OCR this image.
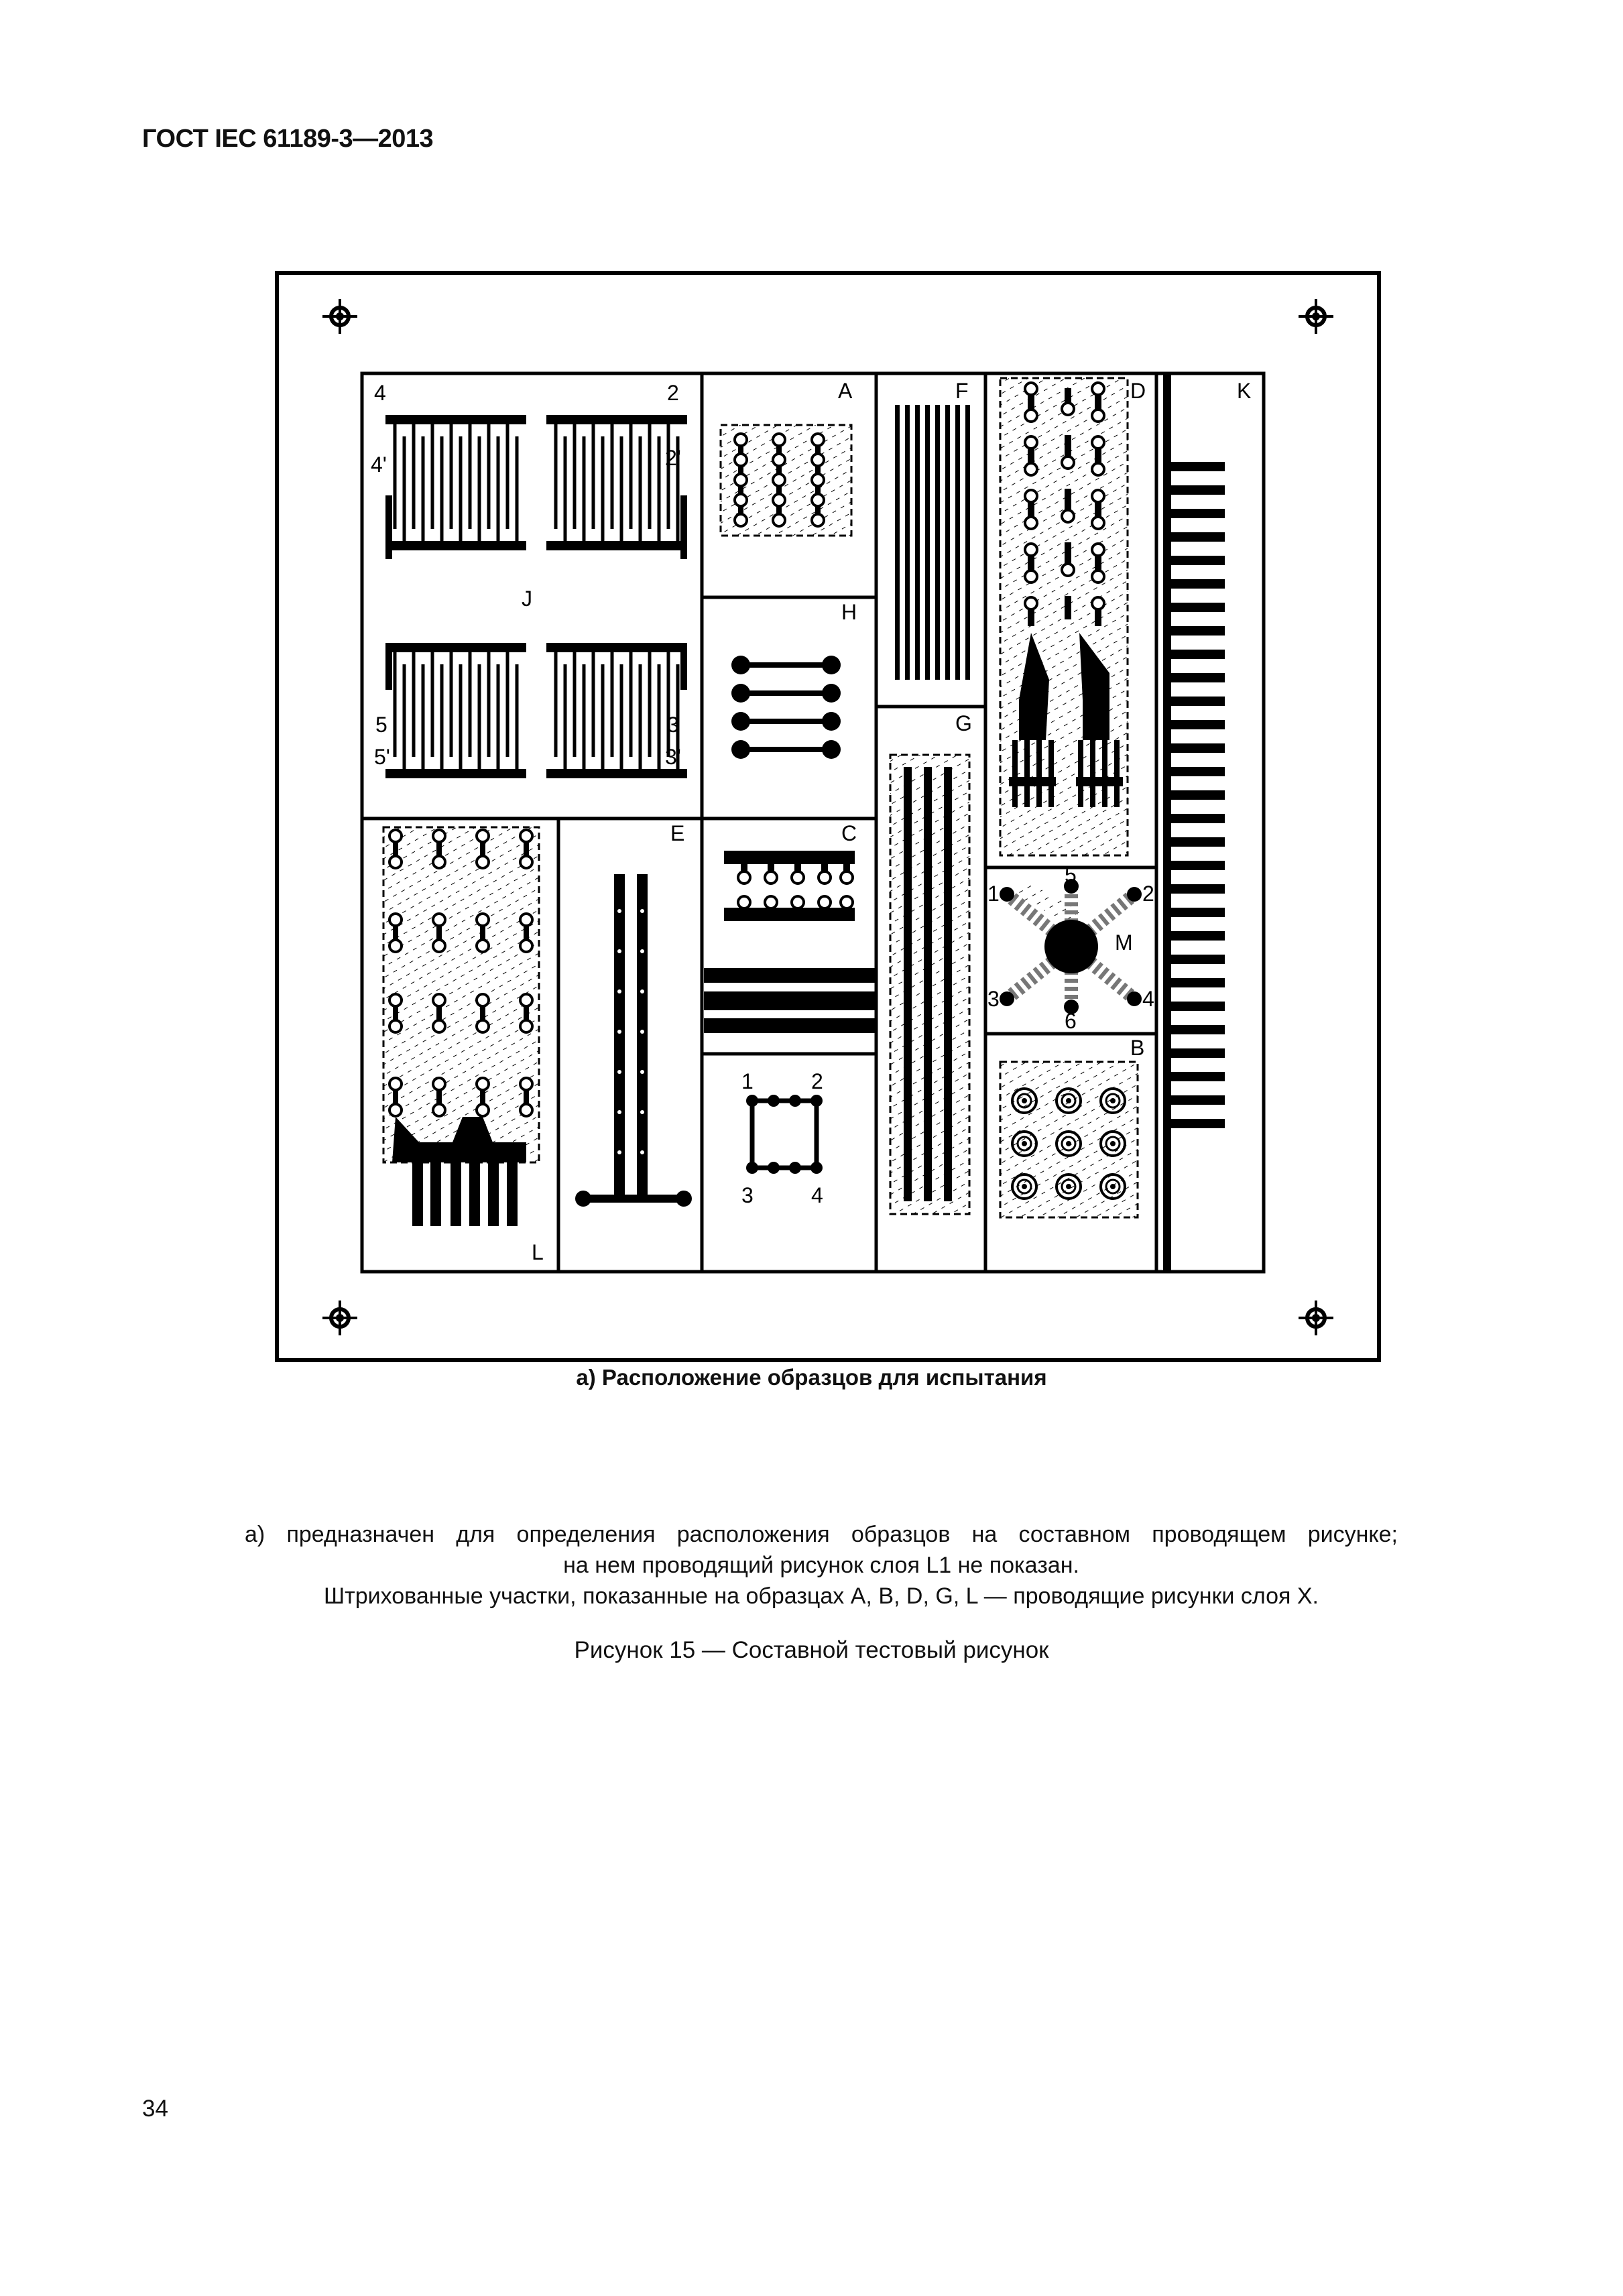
ГОСТ IEC 61189-3—2013
4	2
4'	2'
J
5	3
5'	3'
A
H
C
1	2
3	4
F
G
D
M
1	2
3	4
5
6
B
K
L
E
а) Расположение образцов для испытания
а) предназначен для определения расположения образцов на составном проводящем рисунке;
на нем проводящий рисунок слоя L1 не показан.
Штрихованные участки, показанные на образцах A, B, D, G, L — проводящие рисунки слоя X.
Рисунок 15 — Составной тестовый рисунок
34
